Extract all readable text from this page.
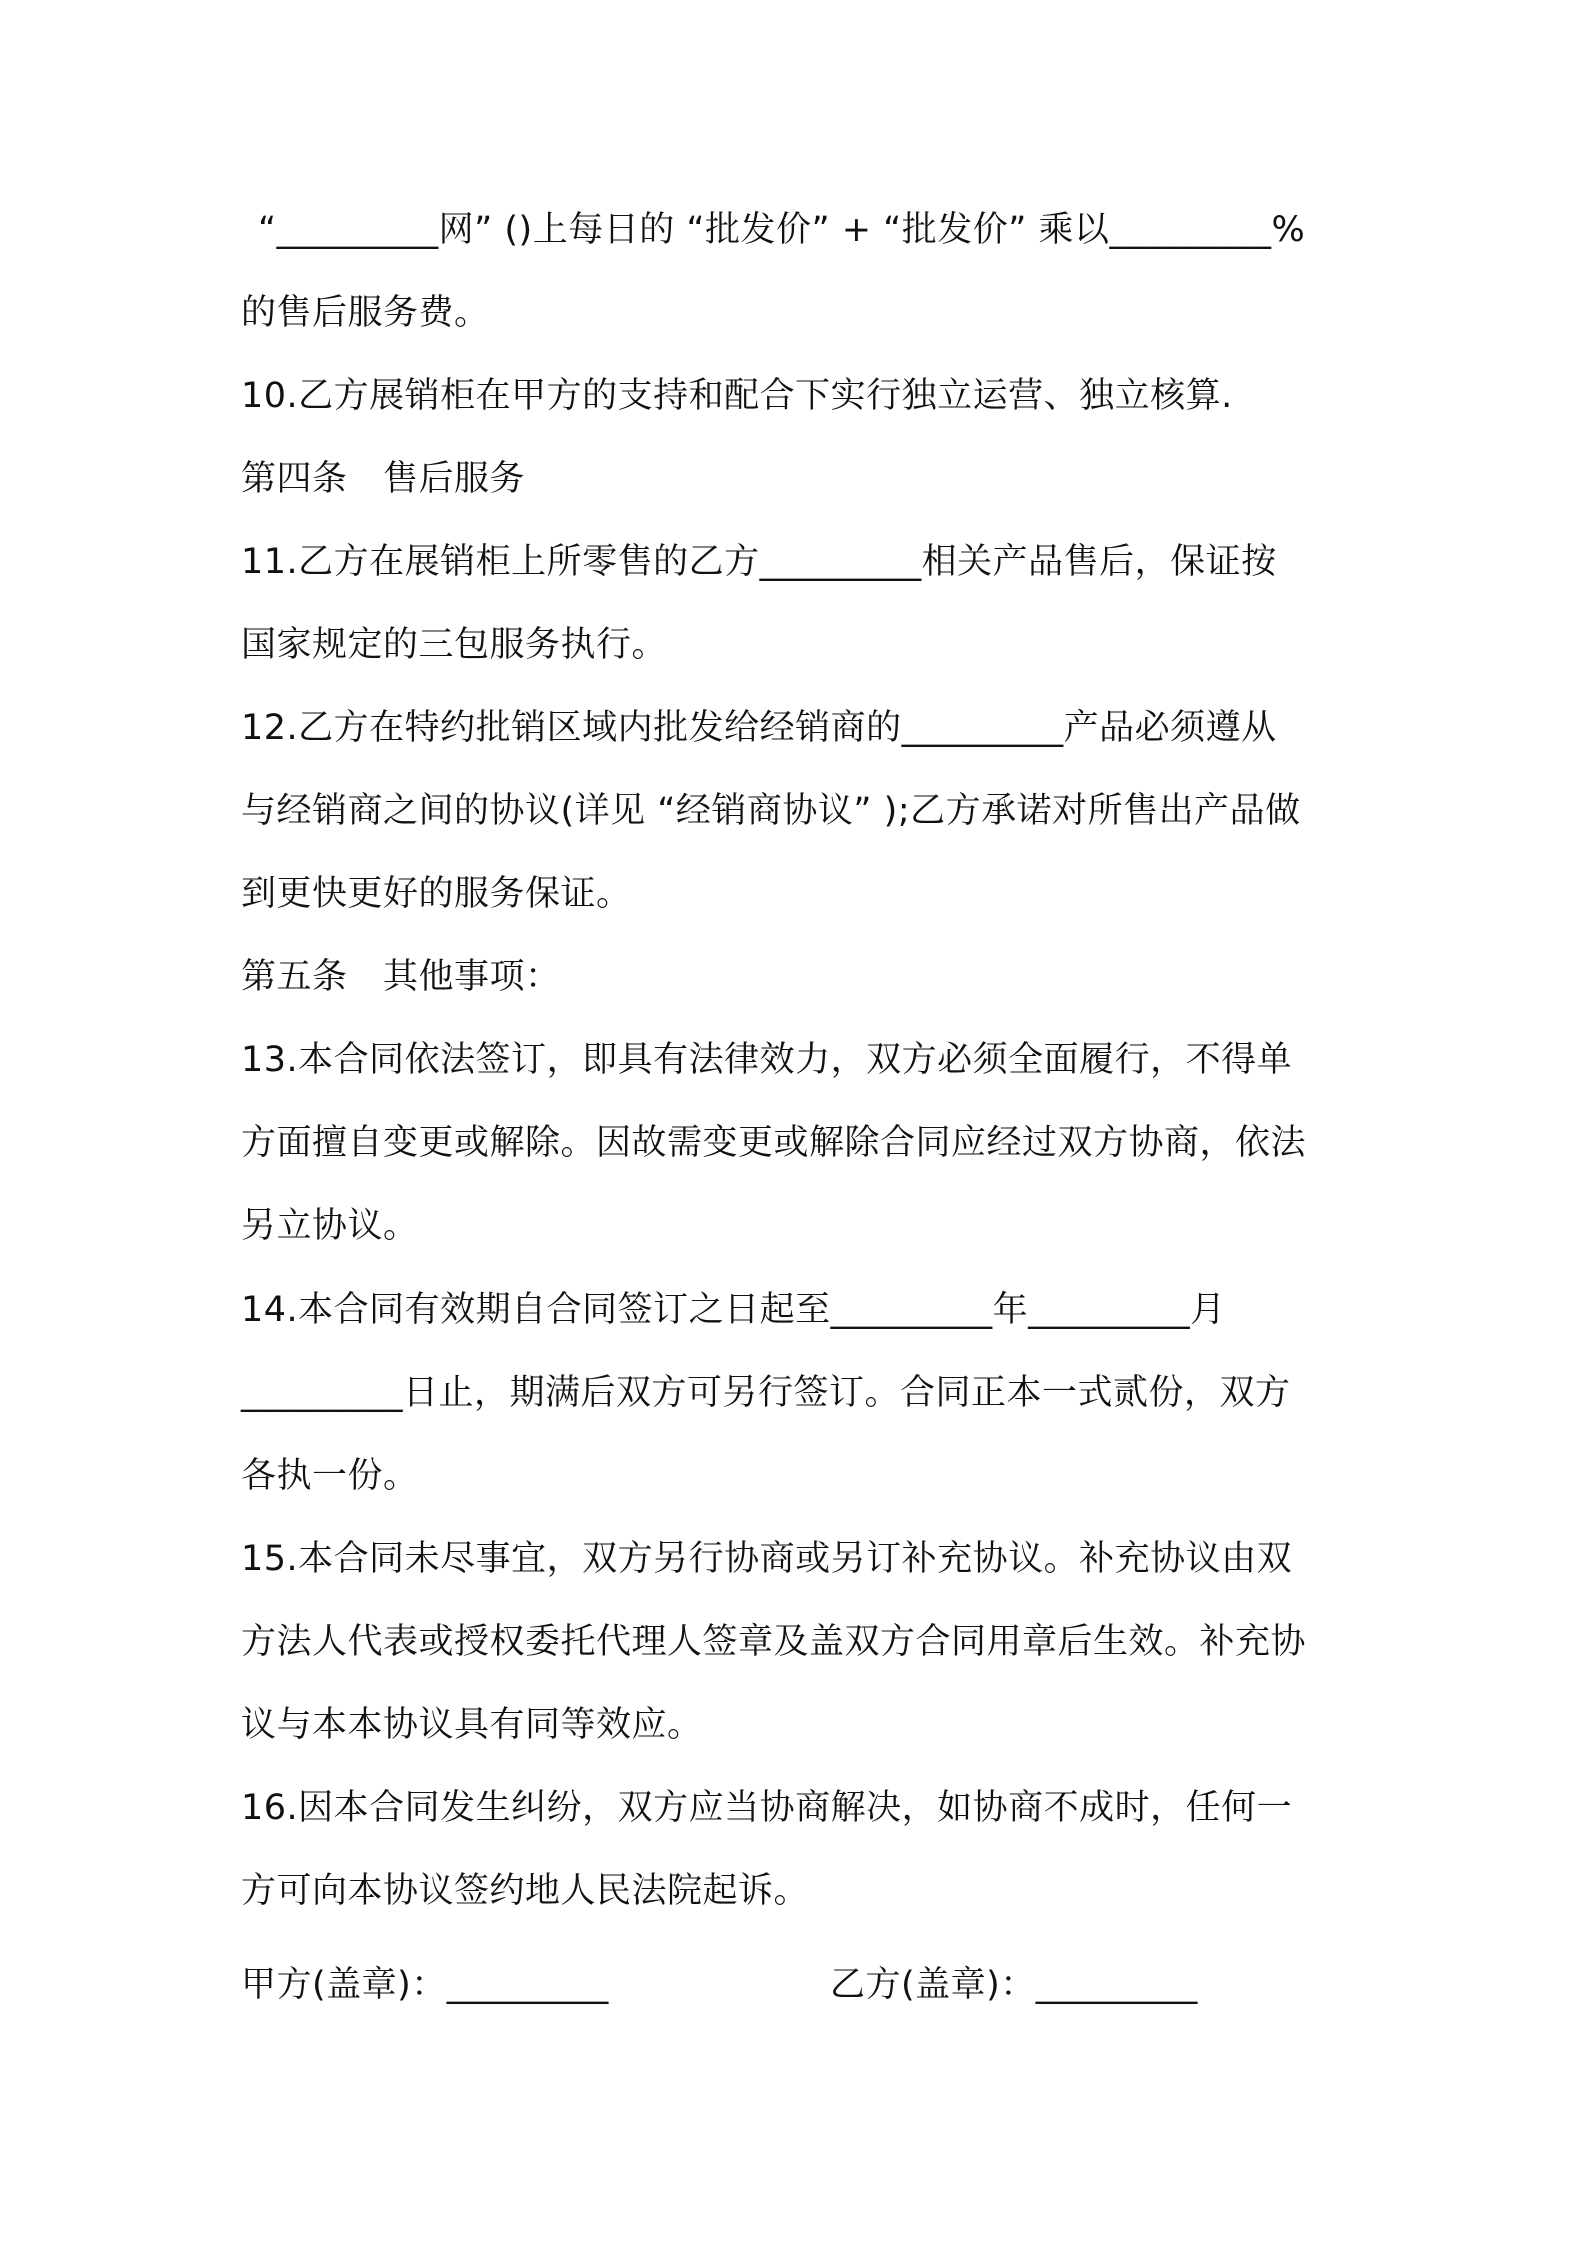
“_________网” ()上每日的 “批发价” + “批发价” 乘以_________%
的售后服务费。
10.乙方展销柜在甲方的支持和配合下实行独立运营、独立核算.
第四条　售后服务
11.乙方在展销柜上所零售的乙方_________相关产品售后，保证按
国家规定的三包服务执行。
12.乙方在特约批销区域内批发给经销商的_________产品必须遵从
与经销商之间的协议(详见 “经销商协议” );乙方承诺对所售出产品做
到更快更好的服务保证。
第五条　其他事项：
13.本合同依法签订，即具有法律效力，双方必须全面履行，不得单
方面擅自变更或解除。因故需变更或解除合同应经过双方协商，依法
另立协议。
14.本合同有效期自合同签订之日起至_________年_________月
_________日止，期满后双方可另行签订。合同正本一式贰份，双方
各执一份。
15.本合同未尽事宜，双方另行协商或另订补充协议。补充协议由双
方法人代表或授权委托代理人签章及盖双方合同用章后生效。补充协
议与本本协议具有同等效应。
16.因本合同发生纠纷，双方应当协商解决，如协商不成时，任何一
方可向本协议签约地人民法院起诉。
甲方(盖章)：_________	乙方(盖章)：_________
